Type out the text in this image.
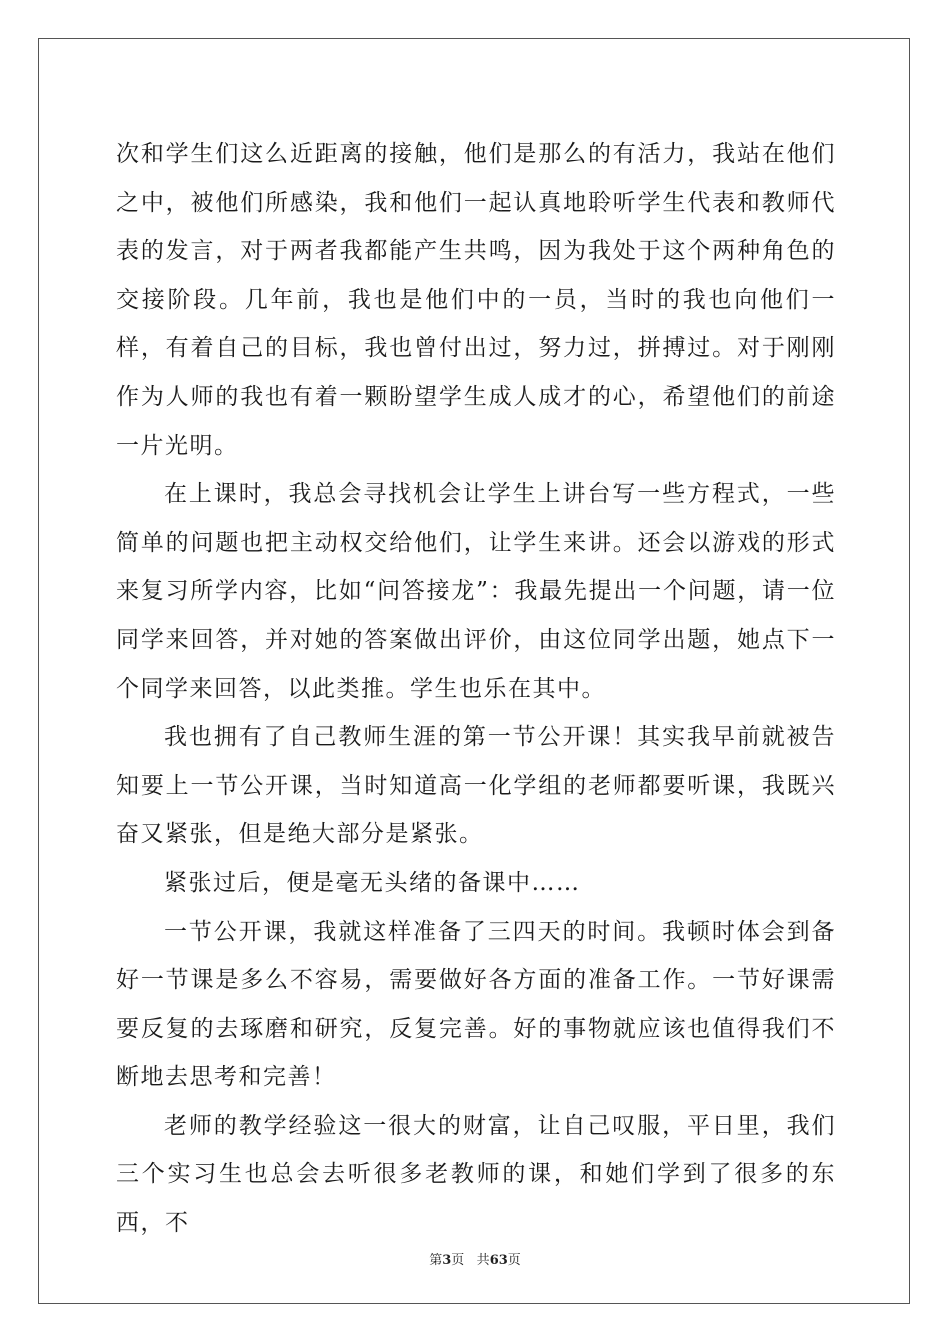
次和学生们这么近距离的接触，他们是那么的有活力，我站在他们之中，被他们所感染，我和他们一起认真地聆听学生代表和教师代表的发言，对于两者我都能产生共鸣，因为我处于这个两种角色的交接阶段。几年前，我也是他们中的一员，当时的我也向他们一样，有着自己的目标，我也曾付出过，努力过，拼搏过。对于刚刚作为人师的我也有着一颗盼望学生成人成才的心，希望他们的前途一片光明。

在上课时，我总会寻找机会让学生上讲台写一些方程式，一些简单的问题也把主动权交给他们，让学生来讲。还会以游戏的形式来复习所学内容，比如“问答接龙”：我最先提出一个问题，请一位同学来回答，并对她的答案做出评价，由这位同学出题，她点下一个同学来回答，以此类推。学生也乐在其中。

我也拥有了自己教师生涯的第一节公开课！其实我早前就被告知要上一节公开课，当时知道高一化学组的老师都要听课，我既兴奋又紧张，但是绝大部分是紧张。

紧张过后，便是毫无头绪的备课中……

一节公开课，我就这样准备了三四天的时间。我顿时体会到备好一节课是多么不容易，需要做好各方面的准备工作。一节好课需要反复的去琢磨和研究，反复完善。好的事物就应该也值得我们不断地去思考和完善！

老师的教学经验这一很大的财富，让自己叹服，平日里，我们三个实习生也总会去听很多老教师的课，和她们学到了很多的东西，不

第3页 共63页
